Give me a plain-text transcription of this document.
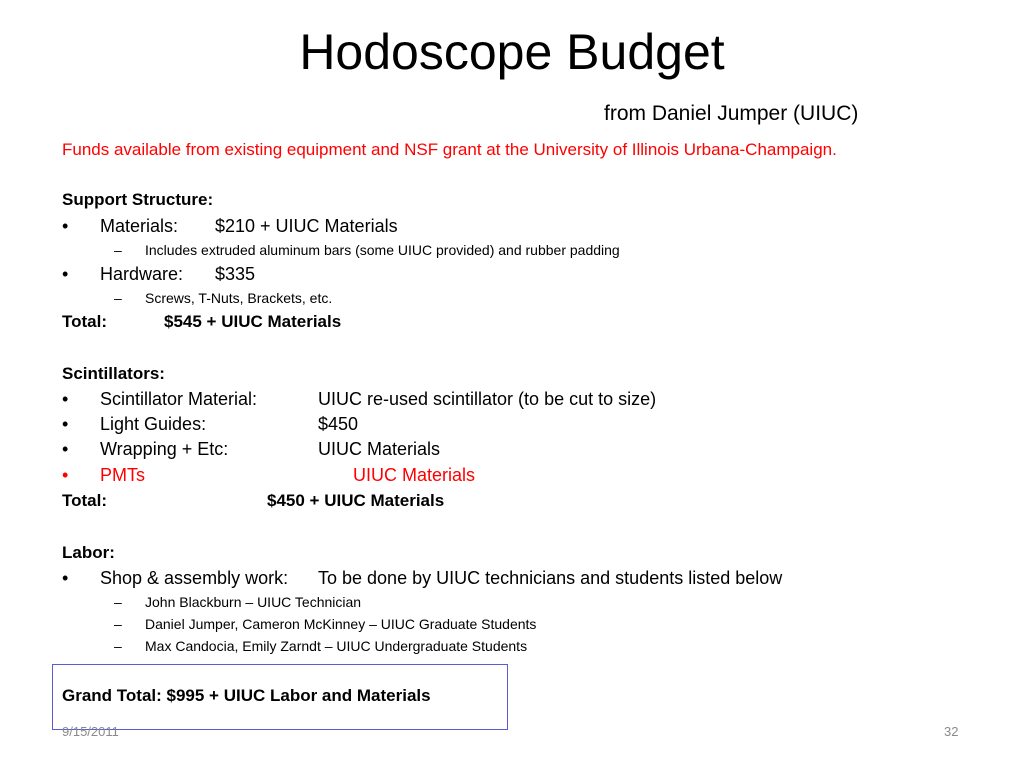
Hodoscope Budget
from Daniel Jumper (UIUC)
Funds available from existing equipment and NSF grant at the University of Illinois Urbana-Champaign.
Support Structure:
• Materials: $210 + UIUC Materials
– Includes extruded aluminum bars (some UIUC provided) and rubber padding
• Hardware: $335
– Screws, T-Nuts, Brackets, etc.
Total:	$545 + UIUC Materials
Scintillators:
• Scintillator Material:	UIUC re-used scintillator (to be cut to size)
• Light Guides:	$450
• Wrapping + Etc:	UIUC Materials
• PMTs	UIUC Materials
Total:	$450 + UIUC Materials
Labor:
• Shop & assembly work: To be done by UIUC technicians and students listed below
– John Blackburn – UIUC Technician
– Daniel Jumper, Cameron McKinney – UIUC Graduate Students
– Max Candocia, Emily Zarndt – UIUC Undergraduate Students
Grand Total: $995 + UIUC Labor and Materials
9/15/2011	32
